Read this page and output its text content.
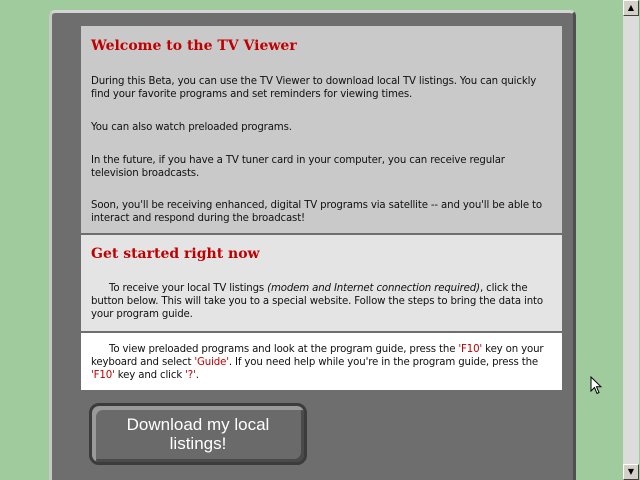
Welcome to the TV Viewer

During this Beta, you can use the TV Viewer to download local TV listings. You can quickly find your favorite programs and set reminders for viewing times.

You can also watch preloaded programs.

In the future, if you have a TV tuner card in your computer, you can receive regular television broadcasts.

Soon, you'll be receiving enhanced, digital TV programs via satellite -- and you'll be able to interact and respond during the broadcast!

Get started right now

To receive your local TV listings (modem and Internet connection required), click the button below. This will take you to a special website. Follow the steps to bring the data into your program guide.

To view preloaded programs and look at the program guide, press the 'F10' key on your keyboard and select 'Guide'. If you need help while you're in the program guide, press the 'F10' key and click '?'.

Download my local listings!
▲
▼
